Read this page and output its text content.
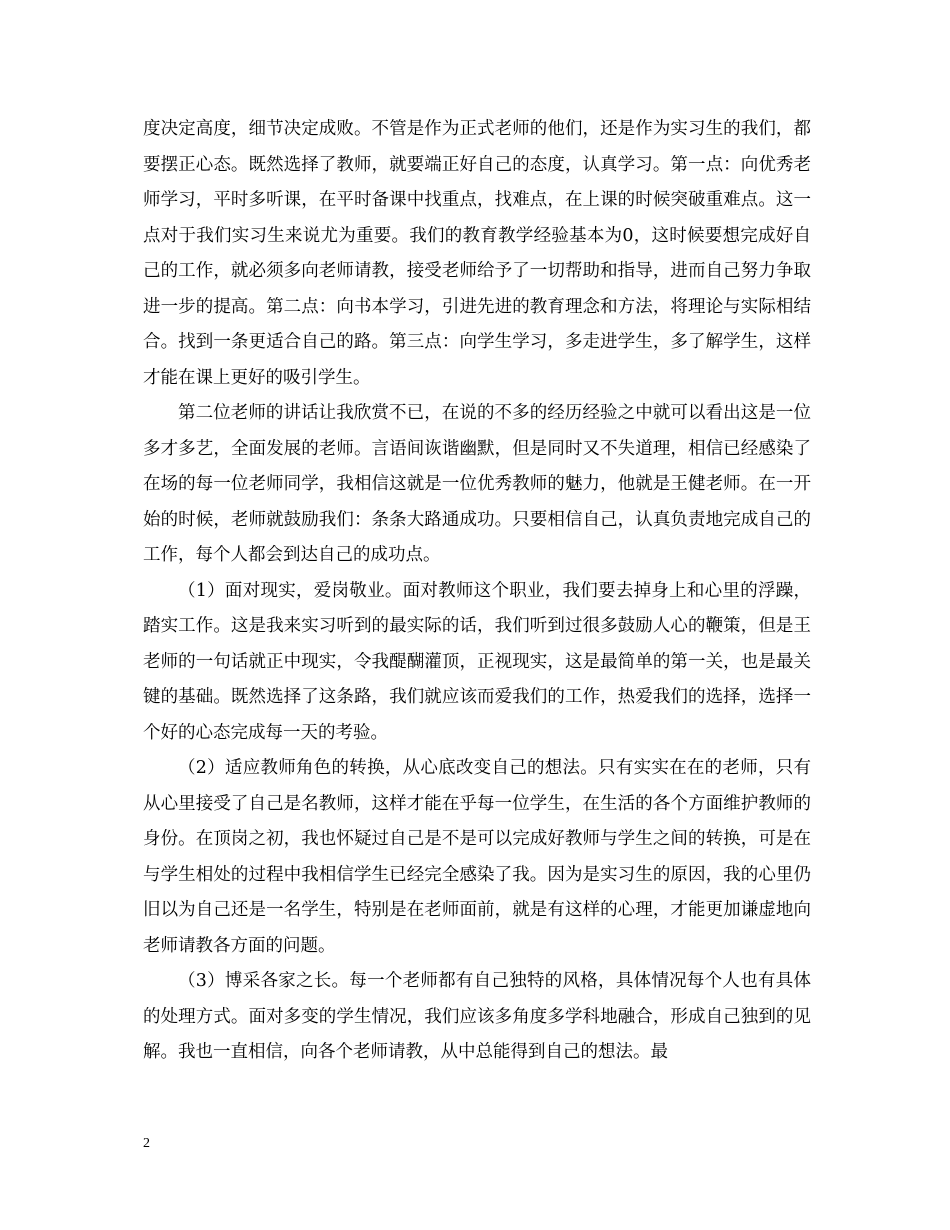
度决定高度，细节决定成败。不管是作为正式老师的他们，还是作为实习生的我们，都要摆正心态。既然选择了教师，就要端正好自己的态度，认真学习。第一点：向优秀老师学习，平时多听课，在平时备课中找重点，找难点，在上课的时候突破重难点。这一点对于我们实习生来说尤为重要。我们的教育教学经验基本为0，这时候要想完成好自己的工作，就必须多向老师请教，接受老师给予了一切帮助和指导，进而自己努力争取进一步的提高。第二点：向书本学习，引进先进的教育理念和方法，将理论与实际相结合。找到一条更适合自己的路。第三点：向学生学习，多走进学生，多了解学生，这样才能在课上更好的吸引学生。

第二位老师的讲话让我欣赏不已，在说的不多的经历经验之中就可以看出这是一位多才多艺，全面发展的老师。言语间诙谐幽默，但是同时又不失道理，相信已经感染了在场的每一位老师同学，我相信这就是一位优秀教师的魅力，他就是王健老师。在一开始的时候，老师就鼓励我们：条条大路通成功。只要相信自己，认真负责地完成自己的工作，每个人都会到达自己的成功点。

（1）面对现实，爱岗敬业。面对教师这个职业，我们要去掉身上和心里的浮躁，踏实工作。这是我来实习听到的最实际的话，我们听到过很多鼓励人心的鞭策，但是王老师的一句话就正中现实，令我醍醐灌顶，正视现实，这是最简单的第一关，也是最关键的基础。既然选择了这条路，我们就应该而爱我们的工作，热爱我们的选择，选择一个好的心态完成每一天的考验。

（2）适应教师角色的转换，从心底改变自己的想法。只有实实在在的老师，只有从心里接受了自己是名教师，这样才能在乎每一位学生，在生活的各个方面维护教师的身份。在顶岗之初，我也怀疑过自己是不是可以完成好教师与学生之间的转换，可是在与学生相处的过程中我相信学生已经完全感染了我。因为是实习生的原因，我的心里仍旧以为自己还是一名学生，特别是在老师面前，就是有这样的心理，才能更加谦虚地向老师请教各方面的问题。

（3）博采各家之长。每一个老师都有自己独特的风格，具体情况每个人也有具体的处理方式。面对多变的学生情况，我们应该多角度多学科地融合，形成自己独到的见解。我也一直相信，向各个老师请教，从中总能得到自己的想法。最

2
